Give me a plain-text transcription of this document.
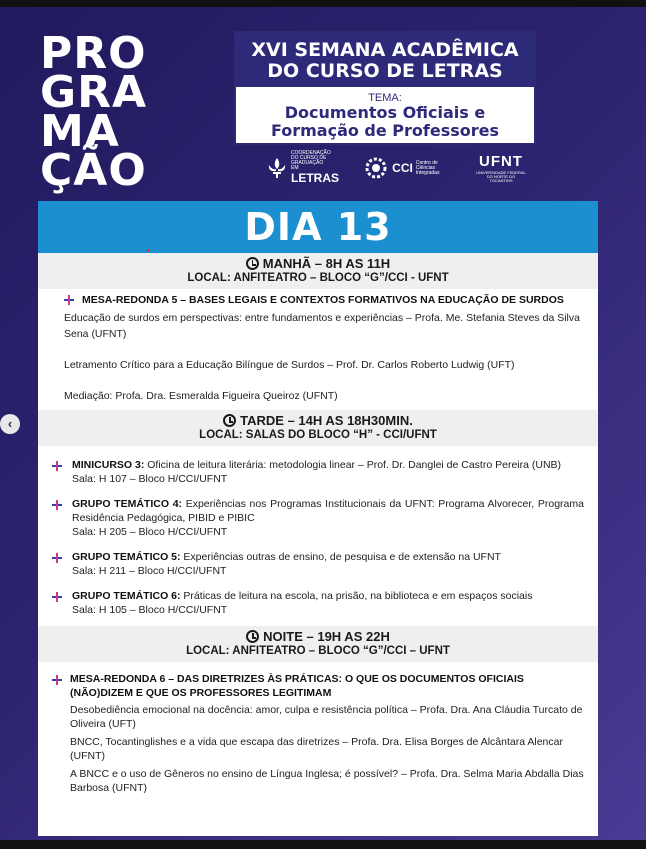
PRO
GRA
MA
ÇÃO
XVI SEMANA ACADÊMICA
DO CURSO DE LETRAS
TEMA:
Documentos Oficiais e
Formação de Professores
COORDENAÇÃO DO CURSO DE GRADUAÇÃO EM
LETRAS
CCI Centro de Ciências Integradas
UFNT
UNIVERSIDADE FEDERAL DO NORTE DO TOCANTINS
DIA 13
MANHÃ – 8H AS 11H
LOCAL: ANFITEATRO – BLOCO “G”/CCI - UFNT
MESA-REDONDA 5 – BASES LEGAIS E CONTEXTOS FORMATIVOS NA EDUCAÇÃO DE SURDOS
Educação de surdos em perspectivas: entre fundamentos e experiências – Profa. Me. Stefania Steves da Silva Sena (UFNT)
Letramento Crítico para a Educação Bilíngue de Surdos – Prof. Dr. Carlos Roberto Ludwig (UFT)
Mediação: Profa. Dra. Esmeralda Figueira Queiroz (UFNT)
TARDE – 14H AS 18H30MIN.
LOCAL: SALAS DO BLOCO “H” - CCI/UFNT
MINICURSO 3: Oficina de leitura literária: metodologia linear – Prof. Dr. Danglei de Castro Pereira (UNB)
Sala: H 107 – Bloco H/CCI/UFNT
GRUPO TEMÁTICO 4: Experiências nos Programas Institucionais da UFNT: Programa Alvorecer, Programa Residência Pedagógica, PIBID e PIBIC
Sala: H 205 – Bloco H/CCI/UFNT
GRUPO TEMÁTICO 5: Experiências outras de ensino, de pesquisa e de extensão na UFNT
Sala: H 211 – Bloco H/CCI/UFNT
GRUPO TEMÁTICO 6: Práticas de leitura na escola, na prisão, na biblioteca e em espaços sociais
Sala: H 105 – Bloco H/CCI/UFNT
NOITE – 19H AS 22H
LOCAL: ANFITEATRO – BLOCO “G”/CCI – UFNT
MESA-REDONDA 6 – DAS DIRETRIZES ÀS PRÁTICAS: O QUE OS DOCUMENTOS OFICIAIS (NÃO)DIZEM E QUE OS PROFESSORES LEGITIMAM
Desobediência emocional na docência: amor, culpa e resistência política – Profa. Dra. Ana Cláudia Turcato de Oliveira (UFT)
BNCC, Tocantinglishes e a vida que escapa das diretrizes – Profa. Dra. Elisa Borges de Alcântara Alencar (UFNT)
A BNCC e o uso de Gêneros no ensino de Língua Inglesa; é possível? – Profa. Dra. Selma Maria Abdalla Dias Barbosa (UFNT)
‹
